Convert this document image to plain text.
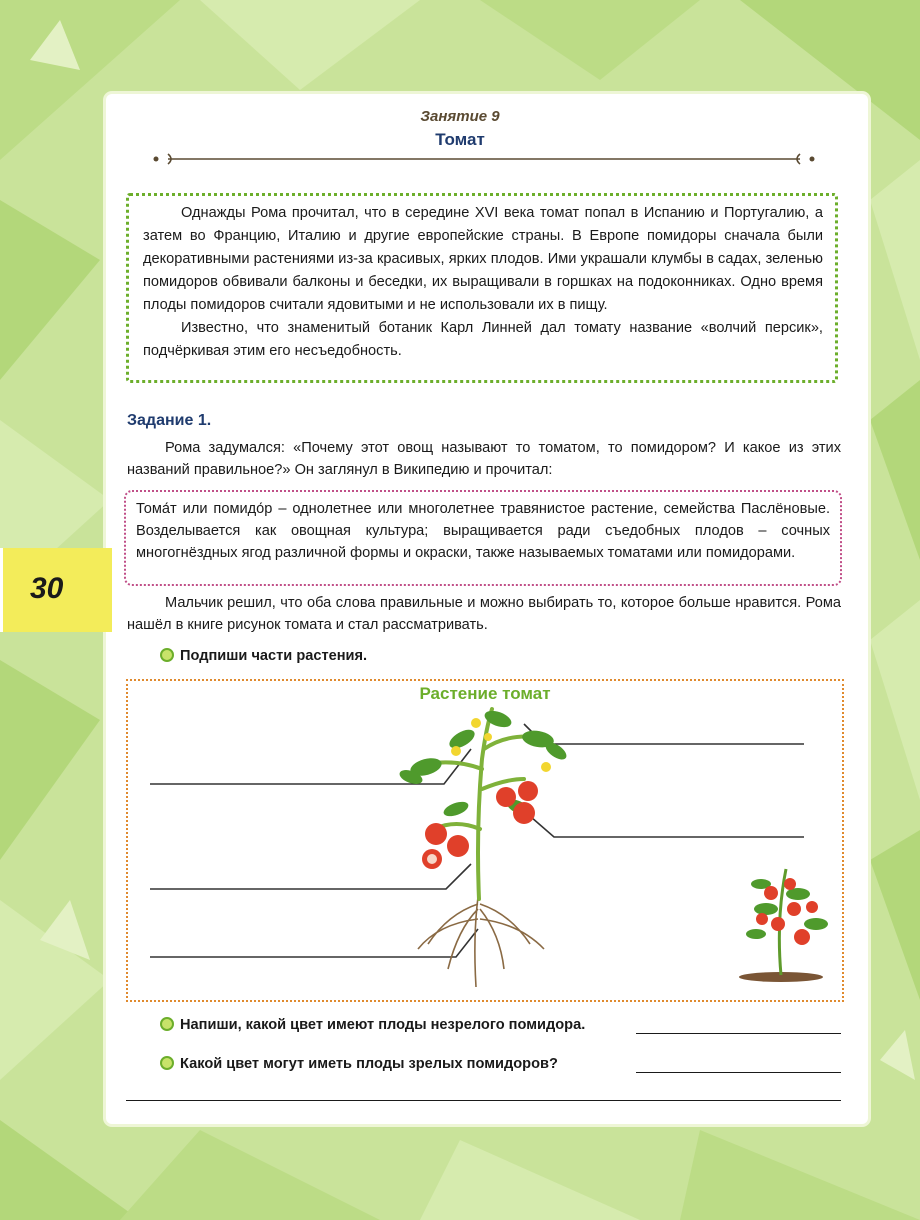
Занятие 9
Томат

Однажды Рома прочитал, что в середине XVI века томат попал в Испанию и Португалию, а затем во Францию, Италию и другие европейские страны. В Европе помидоры сначала были декоративными растениями из-за красивых, ярких плодов. Ими украшали клумбы в садах, зеленью помидоров обвивали балконы и беседки, их выращивали в горшках на подоконниках. Одно время плоды помидоров считали ядовитыми и не использовали их в пищу.

Известно, что знаменитый ботаник Карл Линней дал томату название «волчий персик», подчёркивая этим его несъедобность.

Задание 1.
Рома задумался: «Почему этот овощ называют то томатом, то помидором? И какое из этих названий правильное?» Он заглянул в Википедию и прочитал:

Тома́т или помидо́р – однолетнее или многолетнее травянистое растение, семейства Паслёновые. Возделывается как овощная культура; выращивается ради съедобных плодов – сочных многогнёздных ягод различной формы и окраски, также называемых томатами или помидорами.

30	Мальчик решил, что оба слова правильные и можно выбирать то, которое больше нравится. Рома нашёл в книге рисунок томата и стал рассматривать.
Подпиши части растения.
Растение томат
Напиши, какой цвет имеют плоды незрелого помидора.
Какой цвет могут иметь плоды зрелых помидоров?
